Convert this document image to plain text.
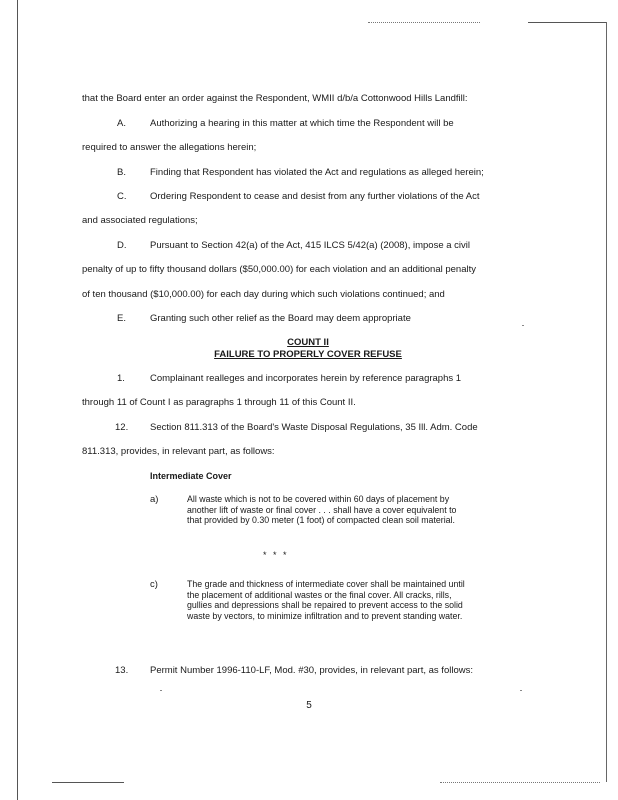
that the Board enter an order against the Respondent, WMII d/b/a Cottonwood Hills Landfill:
A.	Authorizing a hearing in this matter at which time the Respondent will be
required to answer the allegations herein;
B.	Finding that Respondent has violated the Act and regulations as alleged herein;
C. Ordering Respondent to cease and desist from any further violations of the Act
and associated regulations;
D. Pursuant to Section 42(a) of the Act, 415 ILCS 5/42(a) (2008), impose a civil
penalty of up to fifty thousand dollars ($50,000.00) for each violation and an additional penalty
of ten thousand ($10,000.00) for each day during which such violations continued; and
E.	Granting such other relief as the Board may deem appropriate
COUNT II
FAILURE TO PROPERLY COVER REFUSE
1.	Complainant realleges and incorporates herein by reference paragraphs 1
through 11 of Count I as paragraphs 1 through 11 of this Count II.
12. Section 811.313 of the Board's Waste Disposal Regulations, 35 Ill. Adm. Code
811.313, provides, in relevant part, as follows:
Intermediate Cover
a)	All waste which is not to be covered within 60 days of placement by another lift of waste or final cover . . . shall have a cover equivalent to that provided by 0.30 meter (1 foot) of compacted clean soil material.
* * *
c)	The grade and thickness of intermediate cover shall be maintained until the placement of additional wastes or the final cover. All cracks, rills, gullies and depressions shall be repaired to prevent access to the solid waste by vectors, to minimize infiltration and to prevent standing water.
13. Permit Number 1996-110-LF, Mod. #30, provides, in relevant part, as follows:
5
